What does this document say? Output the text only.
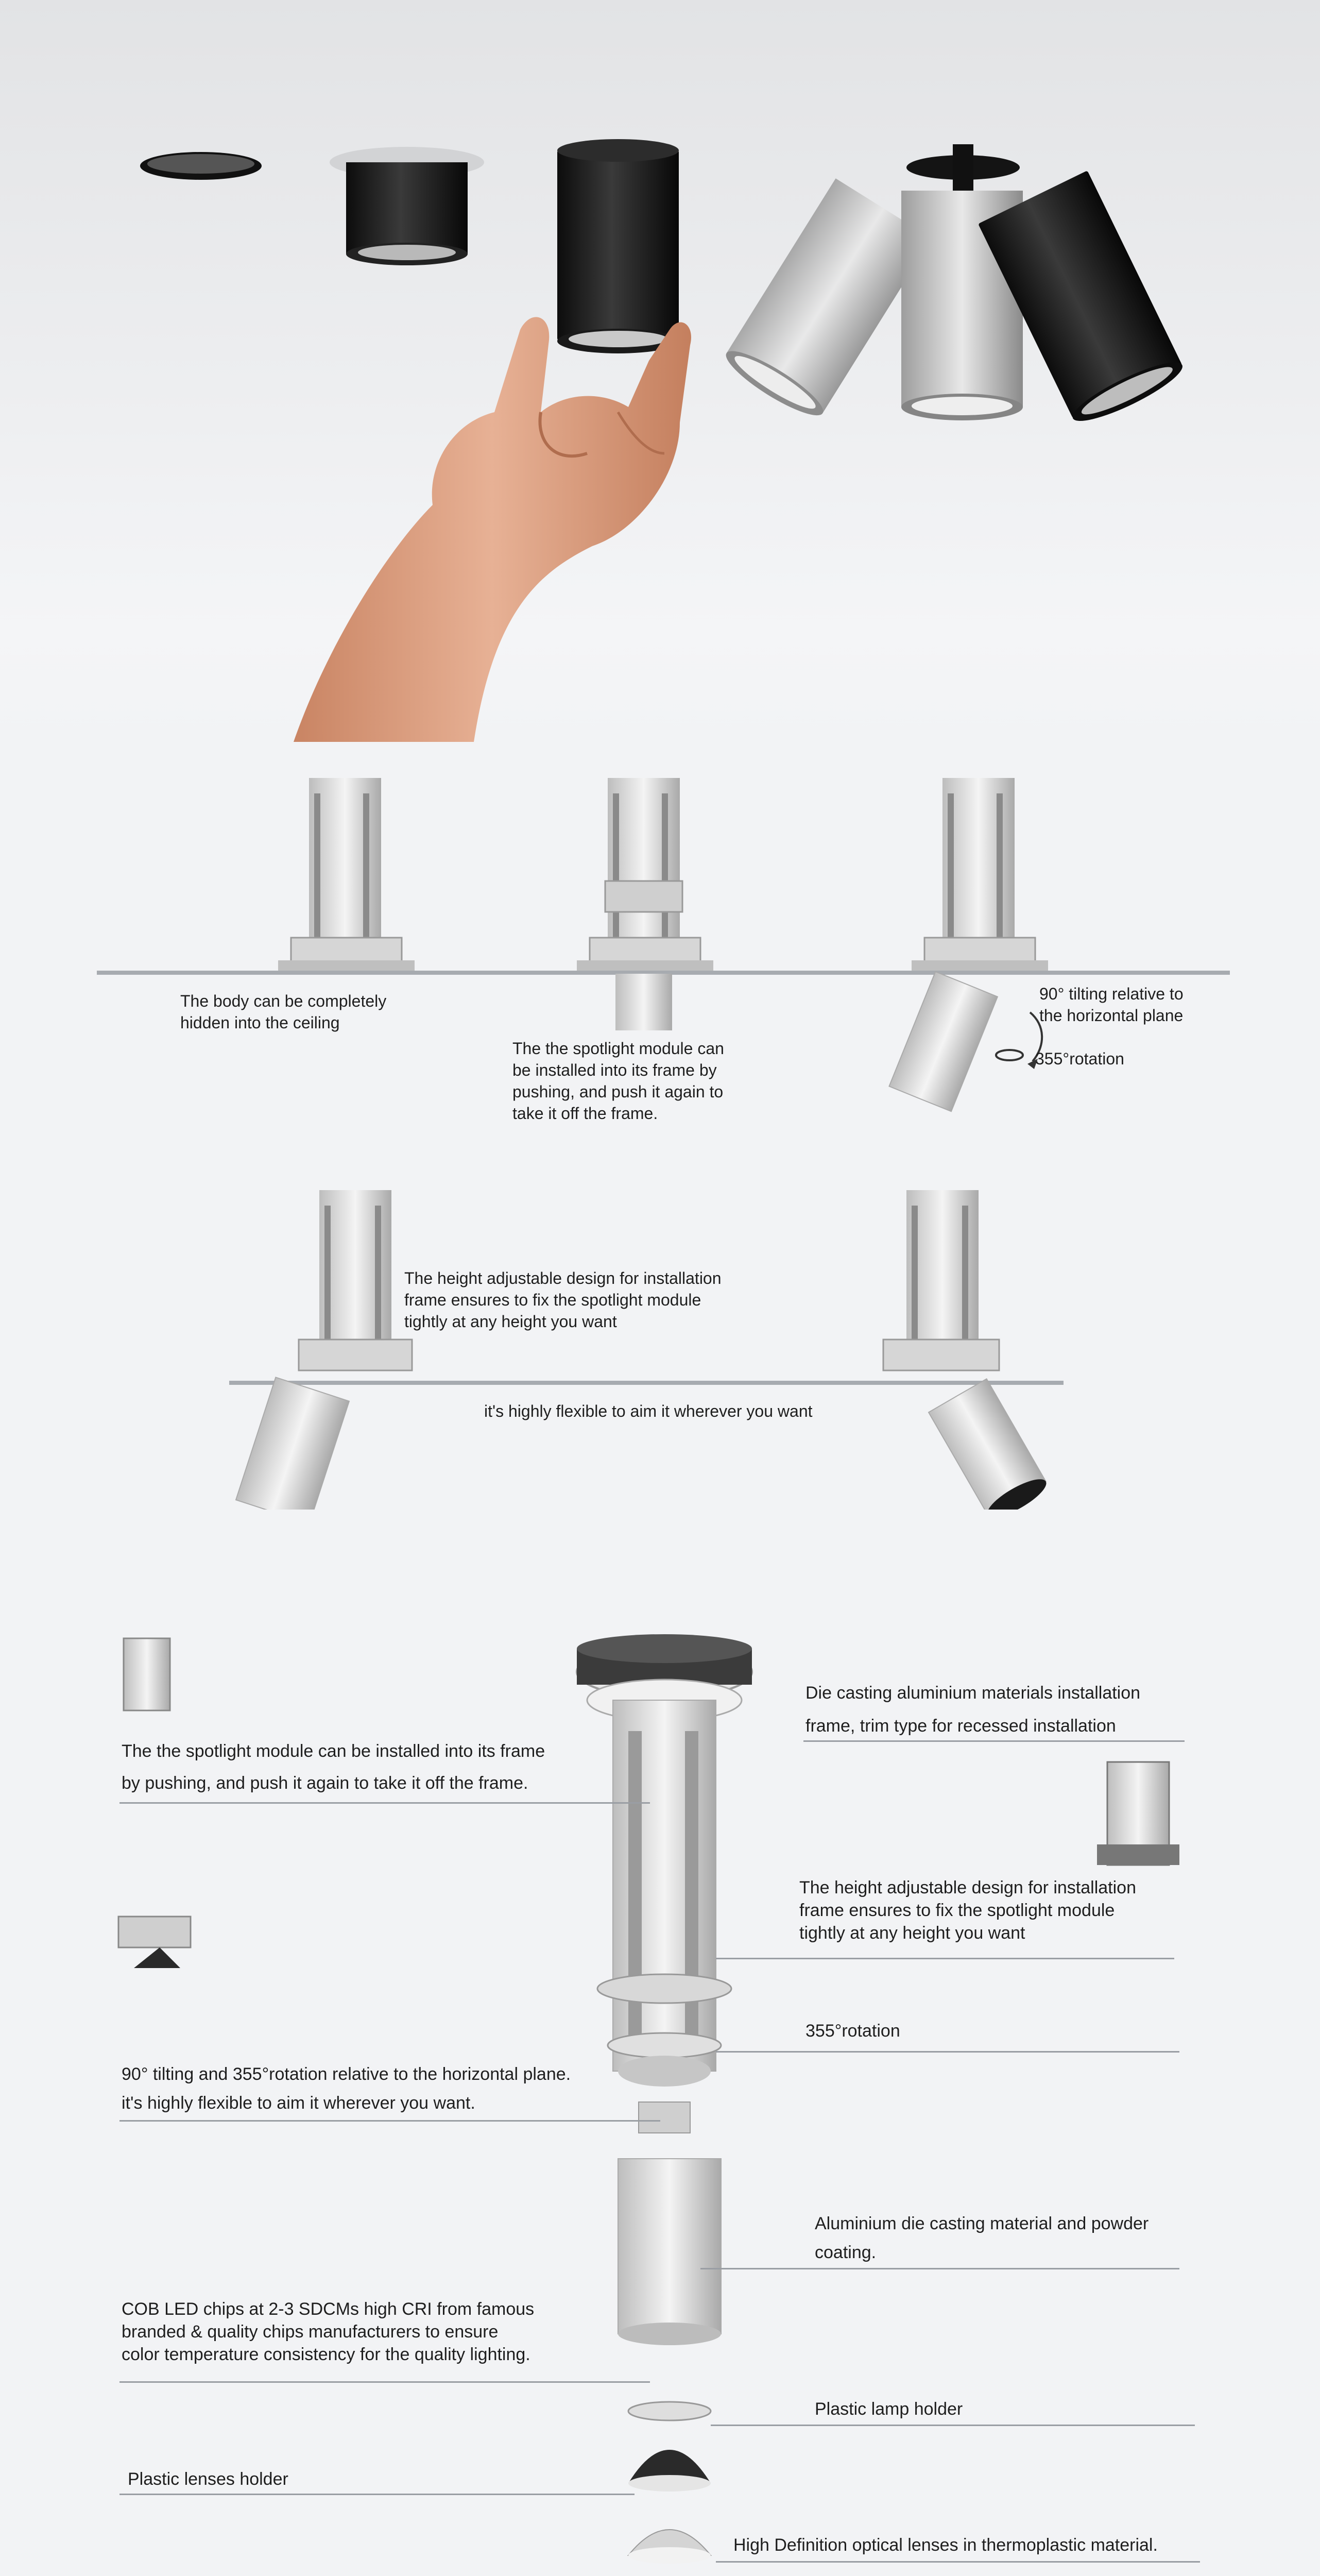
The body can be completely
hidden into the ceiling
The the spotlight module can
be installed into its frame by
pushing, and push it again to
take it off the frame.
90° tilting relative to
the horizontal plane
355°rotation
The height adjustable design for installation
frame ensures to fix the spotlight module
tightly at any height you want
it's highly flexible to aim it wherever you want
Die casting aluminium materials installation
frame, trim type for recessed installation
The the spotlight module can be installed into its frame
by pushing, and push it again to take it off the frame.
The height adjustable design for installation
frame ensures to fix the spotlight module
tightly at any height you want
355°rotation
90° tilting and 355°rotation relative to the horizontal plane.
it's highly flexible to aim it wherever you want.
Aluminium die casting material and powder
coating.
COB LED chips at 2-3 SDCMs high CRI from famous
branded & quality chips manufacturers to ensure
color temperature consistency for the quality lighting.
Plastic lamp holder
Plastic lenses holder
High Definition optical lenses in thermoplastic material.
